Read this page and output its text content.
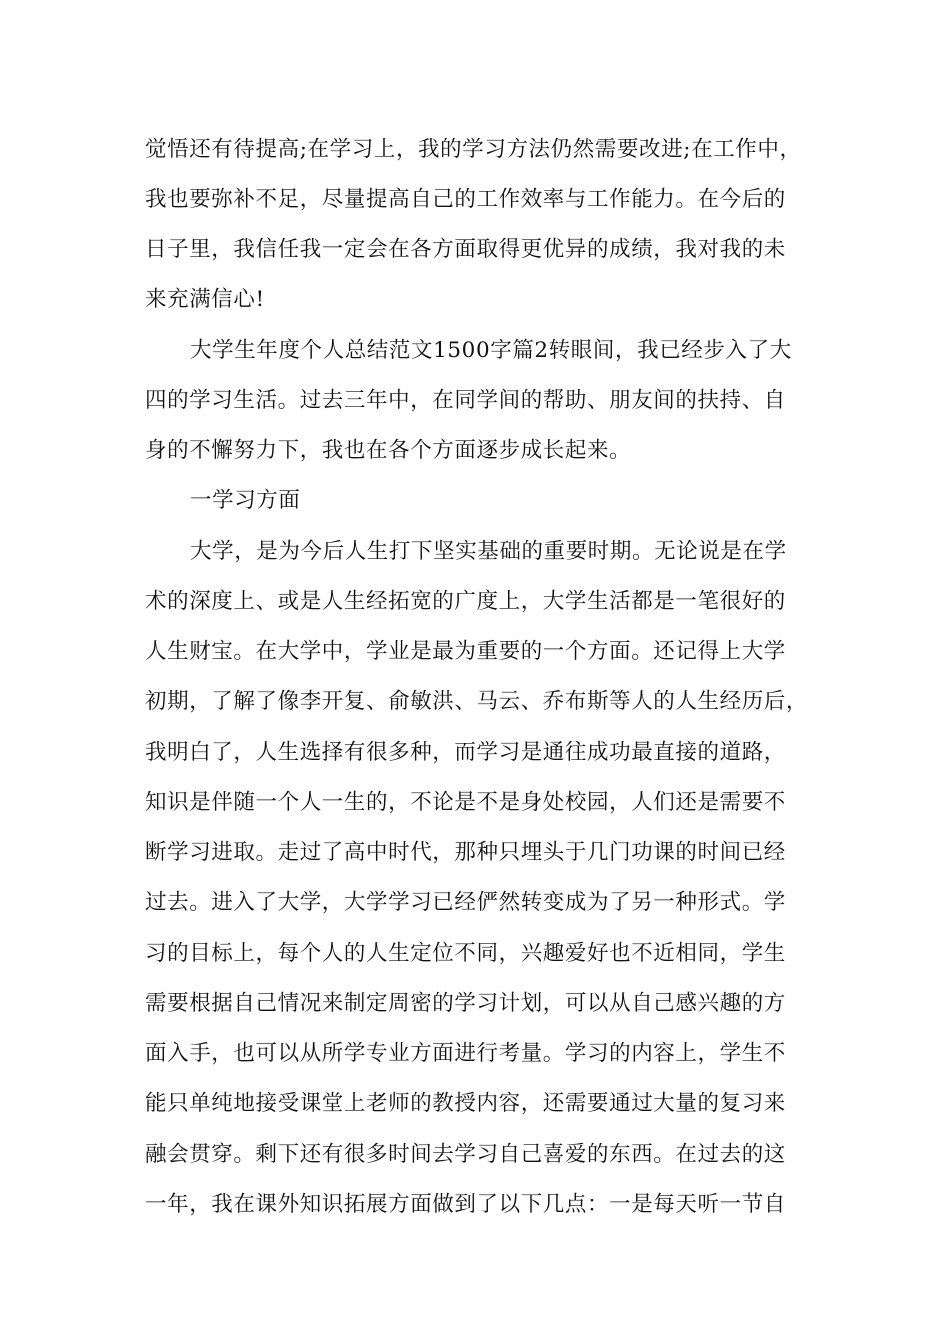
觉悟还有待提高;在学习上，我的学习方法仍然需要改进;在工作中，

我也要弥补不足，尽量提高自己的工作效率与工作能力。在今后的

日子里，我信任我一定会在各方面取得更优异的成绩，我对我的未

来充满信心!

大学生年度个人总结范文1500字篇2转眼间，我已经步入了大

四的学习生活。过去三年中，在同学间的帮助、朋友间的扶持、自

身的不懈努力下，我也在各个方面逐步成长起来。

一学习方面

大学，是为今后人生打下坚实基础的重要时期。无论说是在学

术的深度上、或是人生经拓宽的广度上，大学生活都是一笔很好的

人生财宝。在大学中，学业是最为重要的一个方面。还记得上大学

初期，了解了像李开复、俞敏洪、马云、乔布斯等人的人生经历后，

我明白了，人生选择有很多种，而学习是通往成功最直接的道路，

知识是伴随一个人一生的，不论是不是身处校园，人们还是需要不

断学习进取。走过了高中时代，那种只埋头于几门功课的时间已经

过去。进入了大学，大学学习已经俨然转变成为了另一种形式。学

习的目标上，每个人的人生定位不同，兴趣爱好也不近相同，学生

需要根据自己情况来制定周密的学习计划，可以从自己感兴趣的方

面入手，也可以从所学专业方面进行考量。学习的内容上，学生不

能只单纯地接受课堂上老师的教授内容，还需要通过大量的复习来

融会贯穿。剩下还有很多时间去学习自己喜爱的东西。在过去的这

一年，我在课外知识拓展方面做到了以下几点：一是每天听一节自
